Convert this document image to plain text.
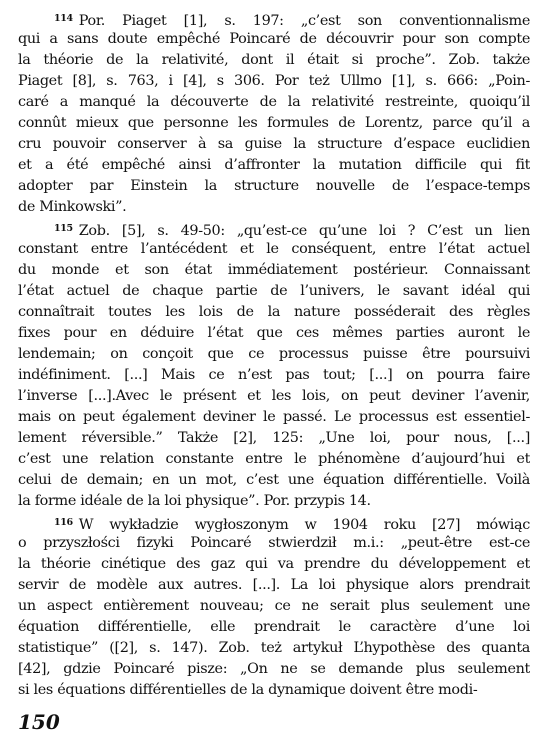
$^{114}$ Por. Piaget [1], s. 197: „c’est son conventionnalisme
qui a sans doute empêché Poincaré de découvrir pour son compte
la théorie de la relativité, dont il était si proche”. Zob. także
Piaget [8], s. 763, i [4], s 306. Por też Ullmo [1], s. 666: „Poin-
caré a manqué la découverte de la relativité restreinte, quoiqu’il
connût mieux que personne les formules de Lorentz, parce qu’il a
cru pouvoir conserver à sa guise la structure d’espace euclidien
et a été empêché ainsi d’affronter la mutation difficile qui fit
adopter par Einstein la structure nouvelle de l’espace-temps
de Minkowski”.
$^{115}$ Zob. [5], s. 49-50: „qu’est-ce qu’une loi ? C’est un lien
constant entre l’antécédent et le conséquent, entre l’état actuel
du monde et son état immédiatement postérieur. Connaissant
l’état actuel de chaque partie de l’univers, le savant idéal qui
connaîtrait toutes les lois de la nature posséderait des règles
fixes pour en déduire l’état que ces mêmes parties auront le
lendemain; on conçoit que ce processus puisse être poursuivi
indéfiniment. [...] Mais ce n’est pas tout; [...] on pourra faire
l’inverse [...].Avec le présent et les lois, on peut deviner l’avenir,
mais on peut également deviner le passé. Le processus est essentiel-
lement réversible.” Także [2], 125: „Une loi, pour nous, [...]
c’est une relation constante entre le phénomène d’aujourd’hui et
celui de demain; en un mot, c’est une équation différentielle. Voilà
la forme idéale de la loi physique”. Por. przypis 14.
$^{116}$ W wykładzie wygłoszonym w 1904 roku [27] mówiąc
o przyszłości fizyki Poincaré stwierdził m.i.: „peut-être est-ce
la théorie cinétique des gaz qui va prendre du développement et
servir de modèle aux autres. [...]. La loi physique alors prendrait
un aspect entièrement nouveau; ce ne serait plus seulement une
équation différentielle, elle prendrait le caractère d’une loi
statistique” ([2], s. 147). Zob. też artykuł L’hypothèse des quanta
[42], gdzie Poincaré pisze: „On ne se demande plus seulement
si les équations différentielles de la dynamique doivent être modi-
150
